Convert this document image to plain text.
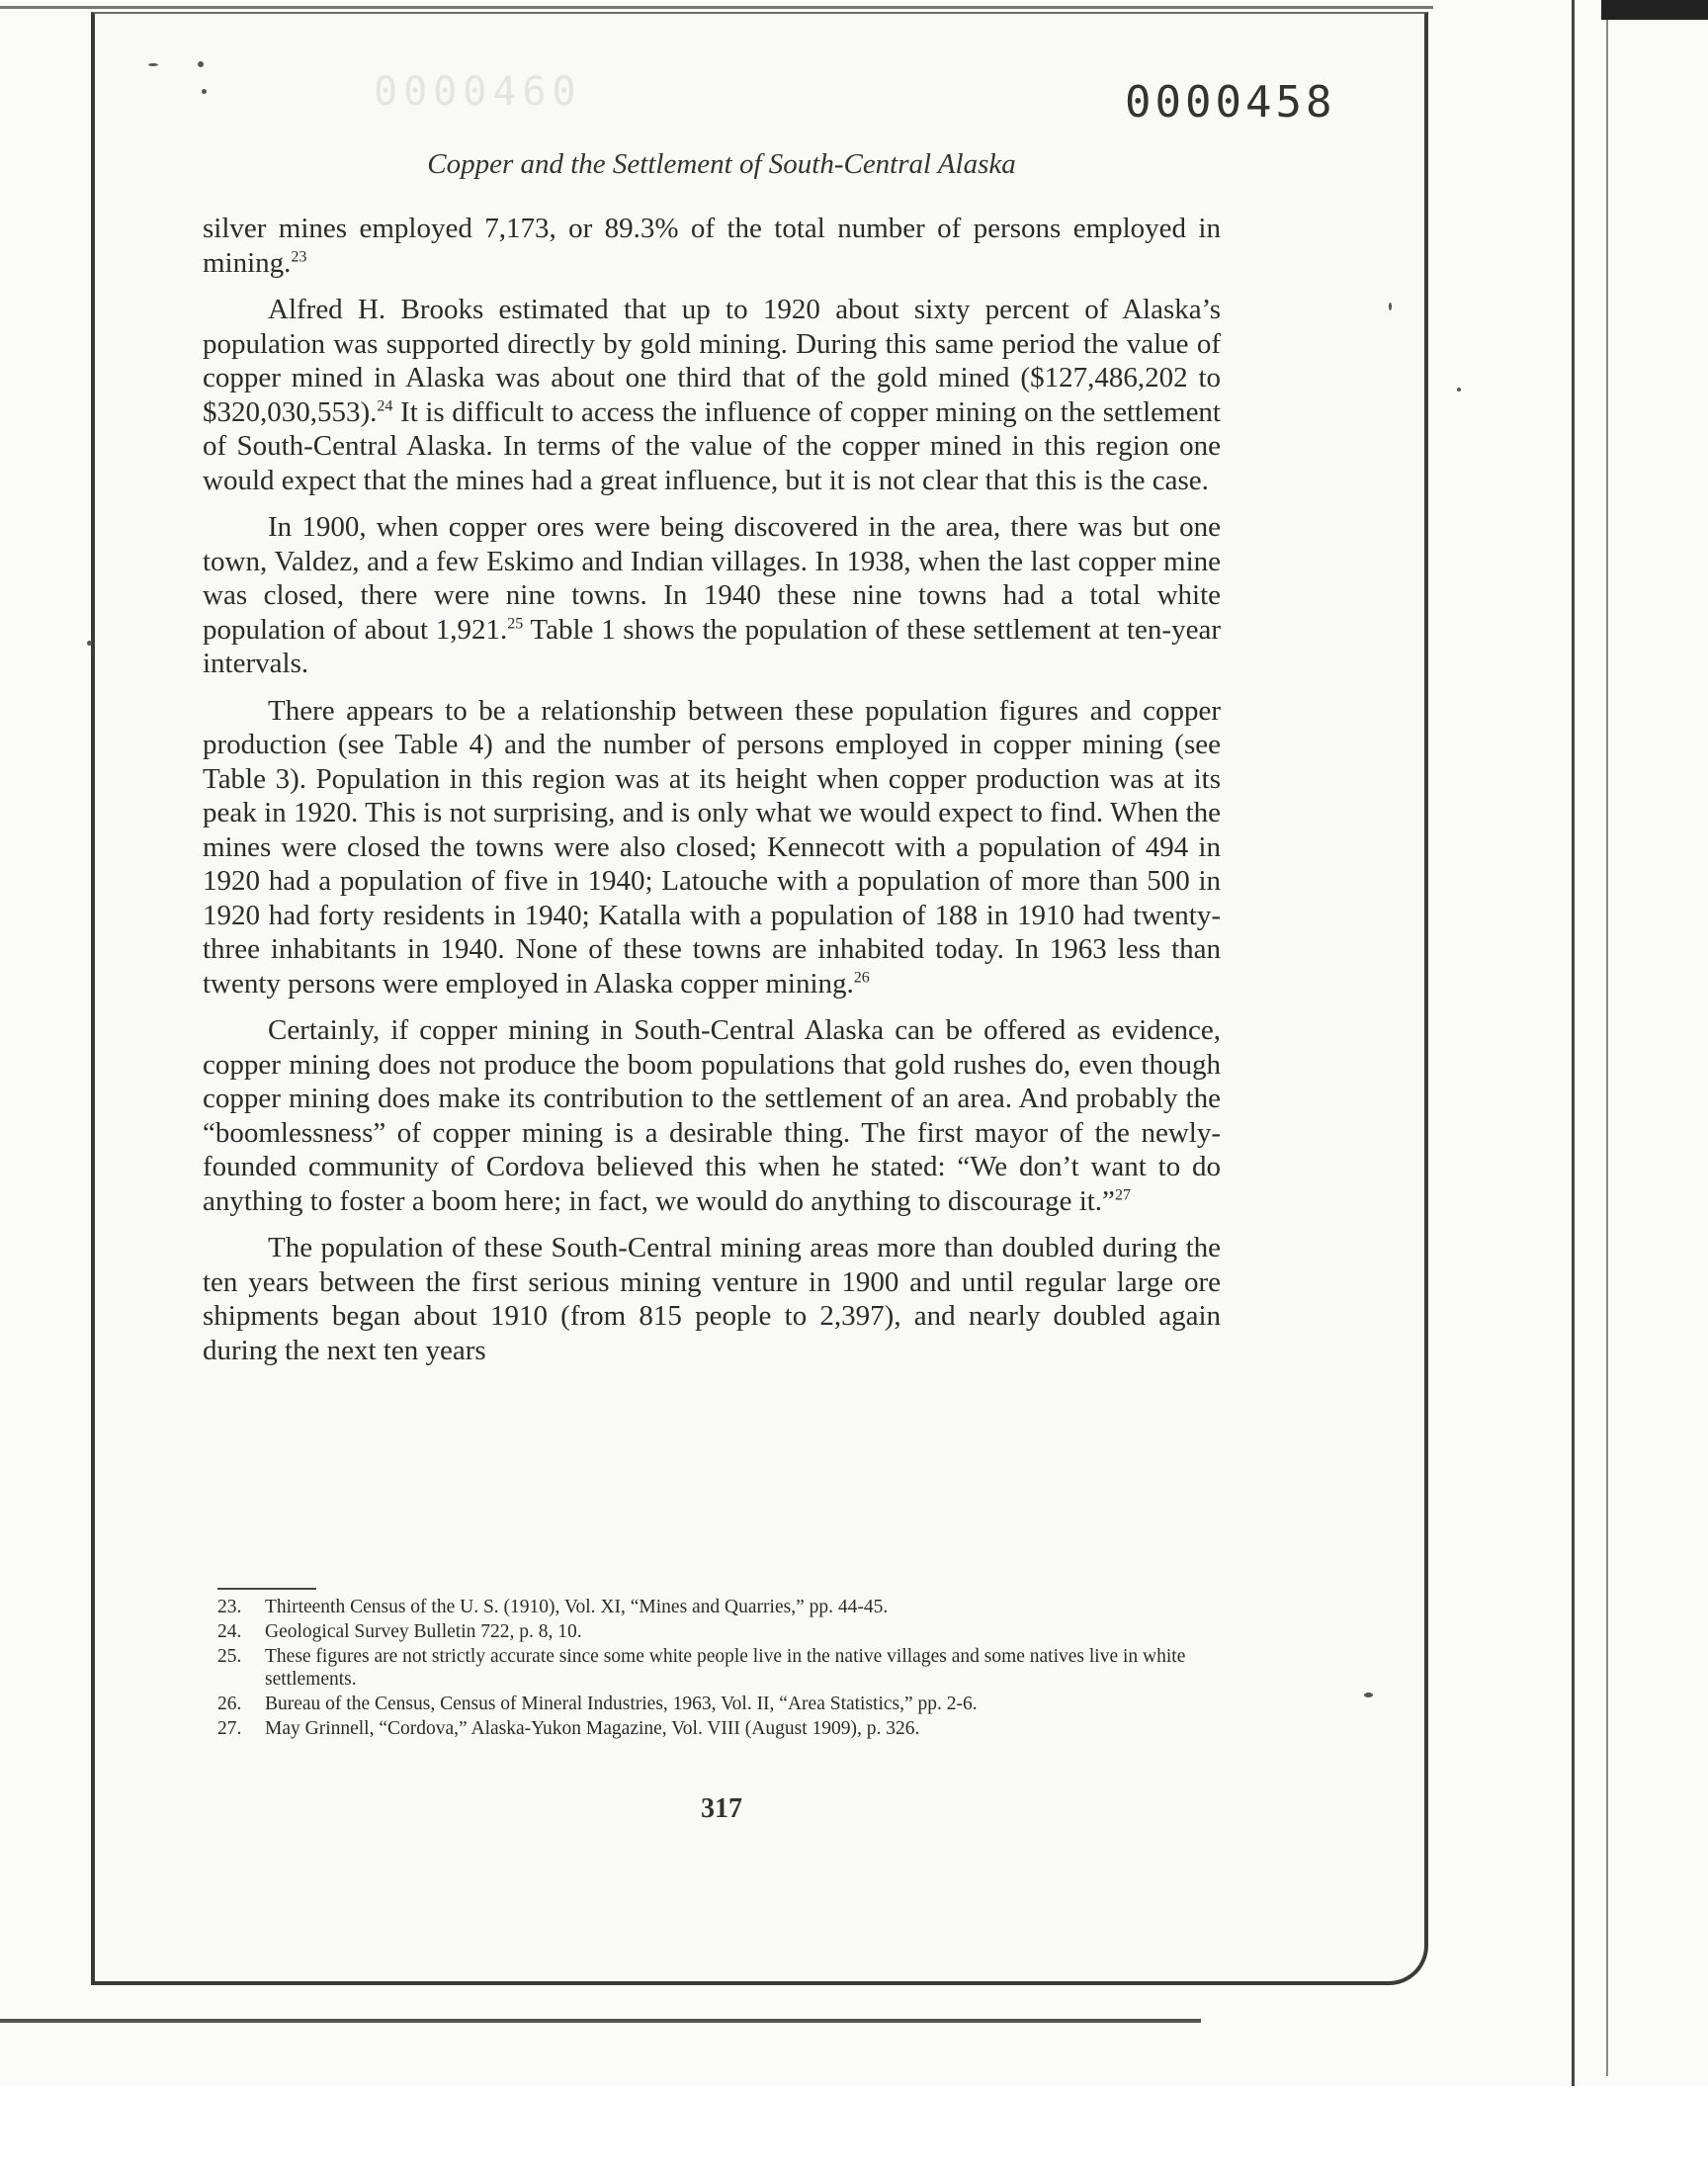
0000460	0000458
Copper and the Settlement of South-Central Alaska

silver mines employed 7,173, or 89.3% of the total number of persons employed in mining.$^{23}$

Alfred H. Brooks estimated that up to 1920 about sixty percent of Alaska’s population was supported directly by gold mining. During this same period the value of copper mined in Alaska was about one third that of the gold mined ($127,486,202 to $320,030,553).$^{24}$ It is difficult to access the influence of copper mining on the settlement of South-Central Alaska. In terms of the value of the copper mined in this region one would expect that the mines had a great influence, but it is not clear that this is the case.

In 1900, when copper ores were being discovered in the area, there was but one town, Valdez, and a few Eskimo and Indian villages. In 1938, when the last copper mine was closed, there were nine towns. In 1940 these nine towns had a total white population of about 1,921.25 Table 1 shows the population of these settlement at ten-year intervals.

There appears to be a relationship between these population figures and copper production (see Table 4) and the number of persons employed in copper mining (see Table 3). Population in this region was at its height when copper production was at its peak in 1920. This is not surprising, and is only what we would expect to find. When the mines were closed the towns were also closed; Kennecott with a population of 494 in 1920 had a population of five in 1940; Latouche with a population of more than 500 in 1920 had forty residents in 1940; Katalla with a population of 188 in 1910 had twenty-three inhabitants in 1940. None of these towns are inhabited today. In 1963 less than twenty persons were employed in Alaska copper mining.$^{26}$

Certainly, if copper mining in South-Central Alaska can be offered as evidence, copper mining does not produce the boom populations that gold rushes do, even though copper mining does make its contribution to the settlement of an area. And probably the “boomlessness” of copper mining is a desirable thing. The first mayor of the newly-founded community of Cordova believed this when he stated: “We don’t want to do anything to foster a boom here; in fact, we would do anything to discourage it.”$^{27}$

The population of these South-Central mining areas more than doubled during the ten years between the first serious mining venture in 1900 and until regular large ore shipments began about 1910 (from 815 people to 2,397), and nearly doubled again during the next ten years

23.	Thirteenth Census of the U. S. (1910), Vol. XI, “Mines and Quarries,” pp. 44-45.
24.	Geological Survey Bulletin 722, p. 8, 10.
25.	These figures are not strictly accurate since some white people live in the native villages and some natives live in white settlements.
26.	Bureau of the Census, Census of Mineral Industries, 1963, Vol. II, “Area Statistics,” pp. 2-6.
27.	May Grinnell, “Cordova,” Alaska-Yukon Magazine, Vol. VIII (August 1909), p. 326.
317
